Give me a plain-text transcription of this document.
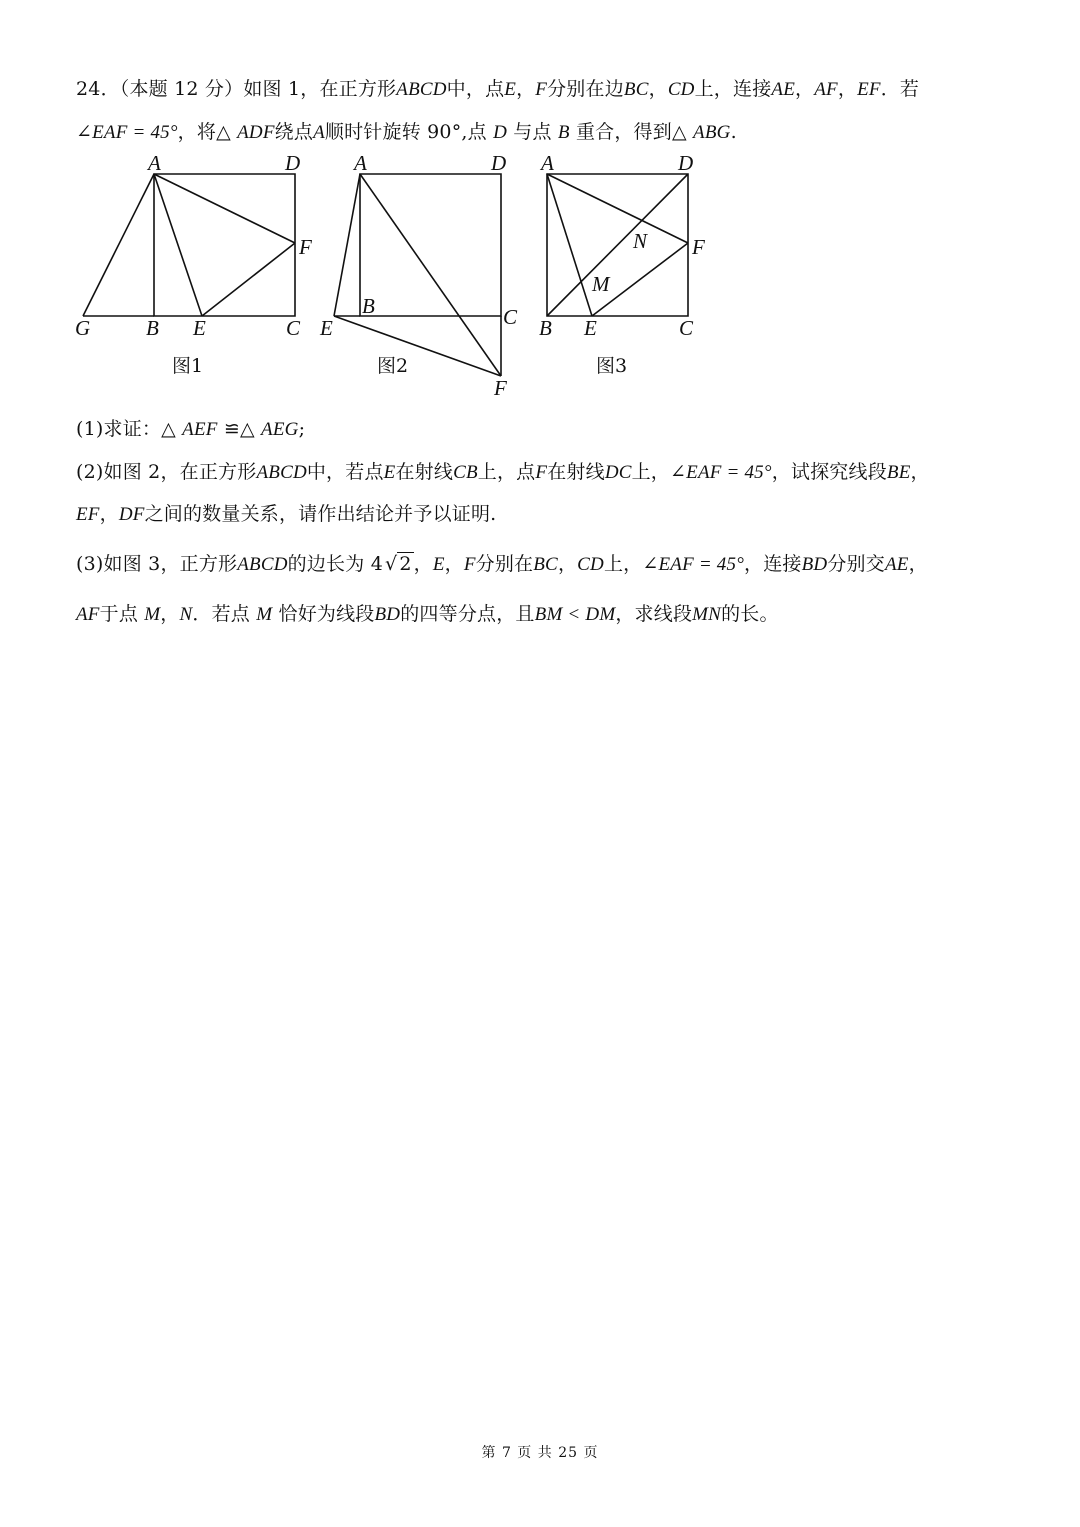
24．（本题 12 分）如图 1，在正方形ABCD中，点E，F分别在边BC，CD上，连接AE，AF，EF．若
∠EAF = 45°，将△ ADF绕点A顺时针旋转 90°,点 D 与点 B 重合，得到△ ABG.
A	D
F
G	B E	C
图1
A	D
B	C
E
F
图2
A	D
N F
M
B E	C
图3
(1)求证：△ AEF ≌△ AEG;
(2)如图 2，在正方形ABCD中，若点E在射线CB上，点F在射线DC上，∠EAF = 45°，试探究线段BE，
EF，DF之间的数量关系，请作出结论并予以证明.
(3)如图 3，正方形ABCD的边长为 4 √ 2 ，E，F分别在BC，CD上，∠EAF = 45°，连接BD分别交AE，
AF于点 M，N．若点 M 恰好为线段BD的四等分点，且BM < DM，求线段MN的长。
第 7 页 共 25 页
